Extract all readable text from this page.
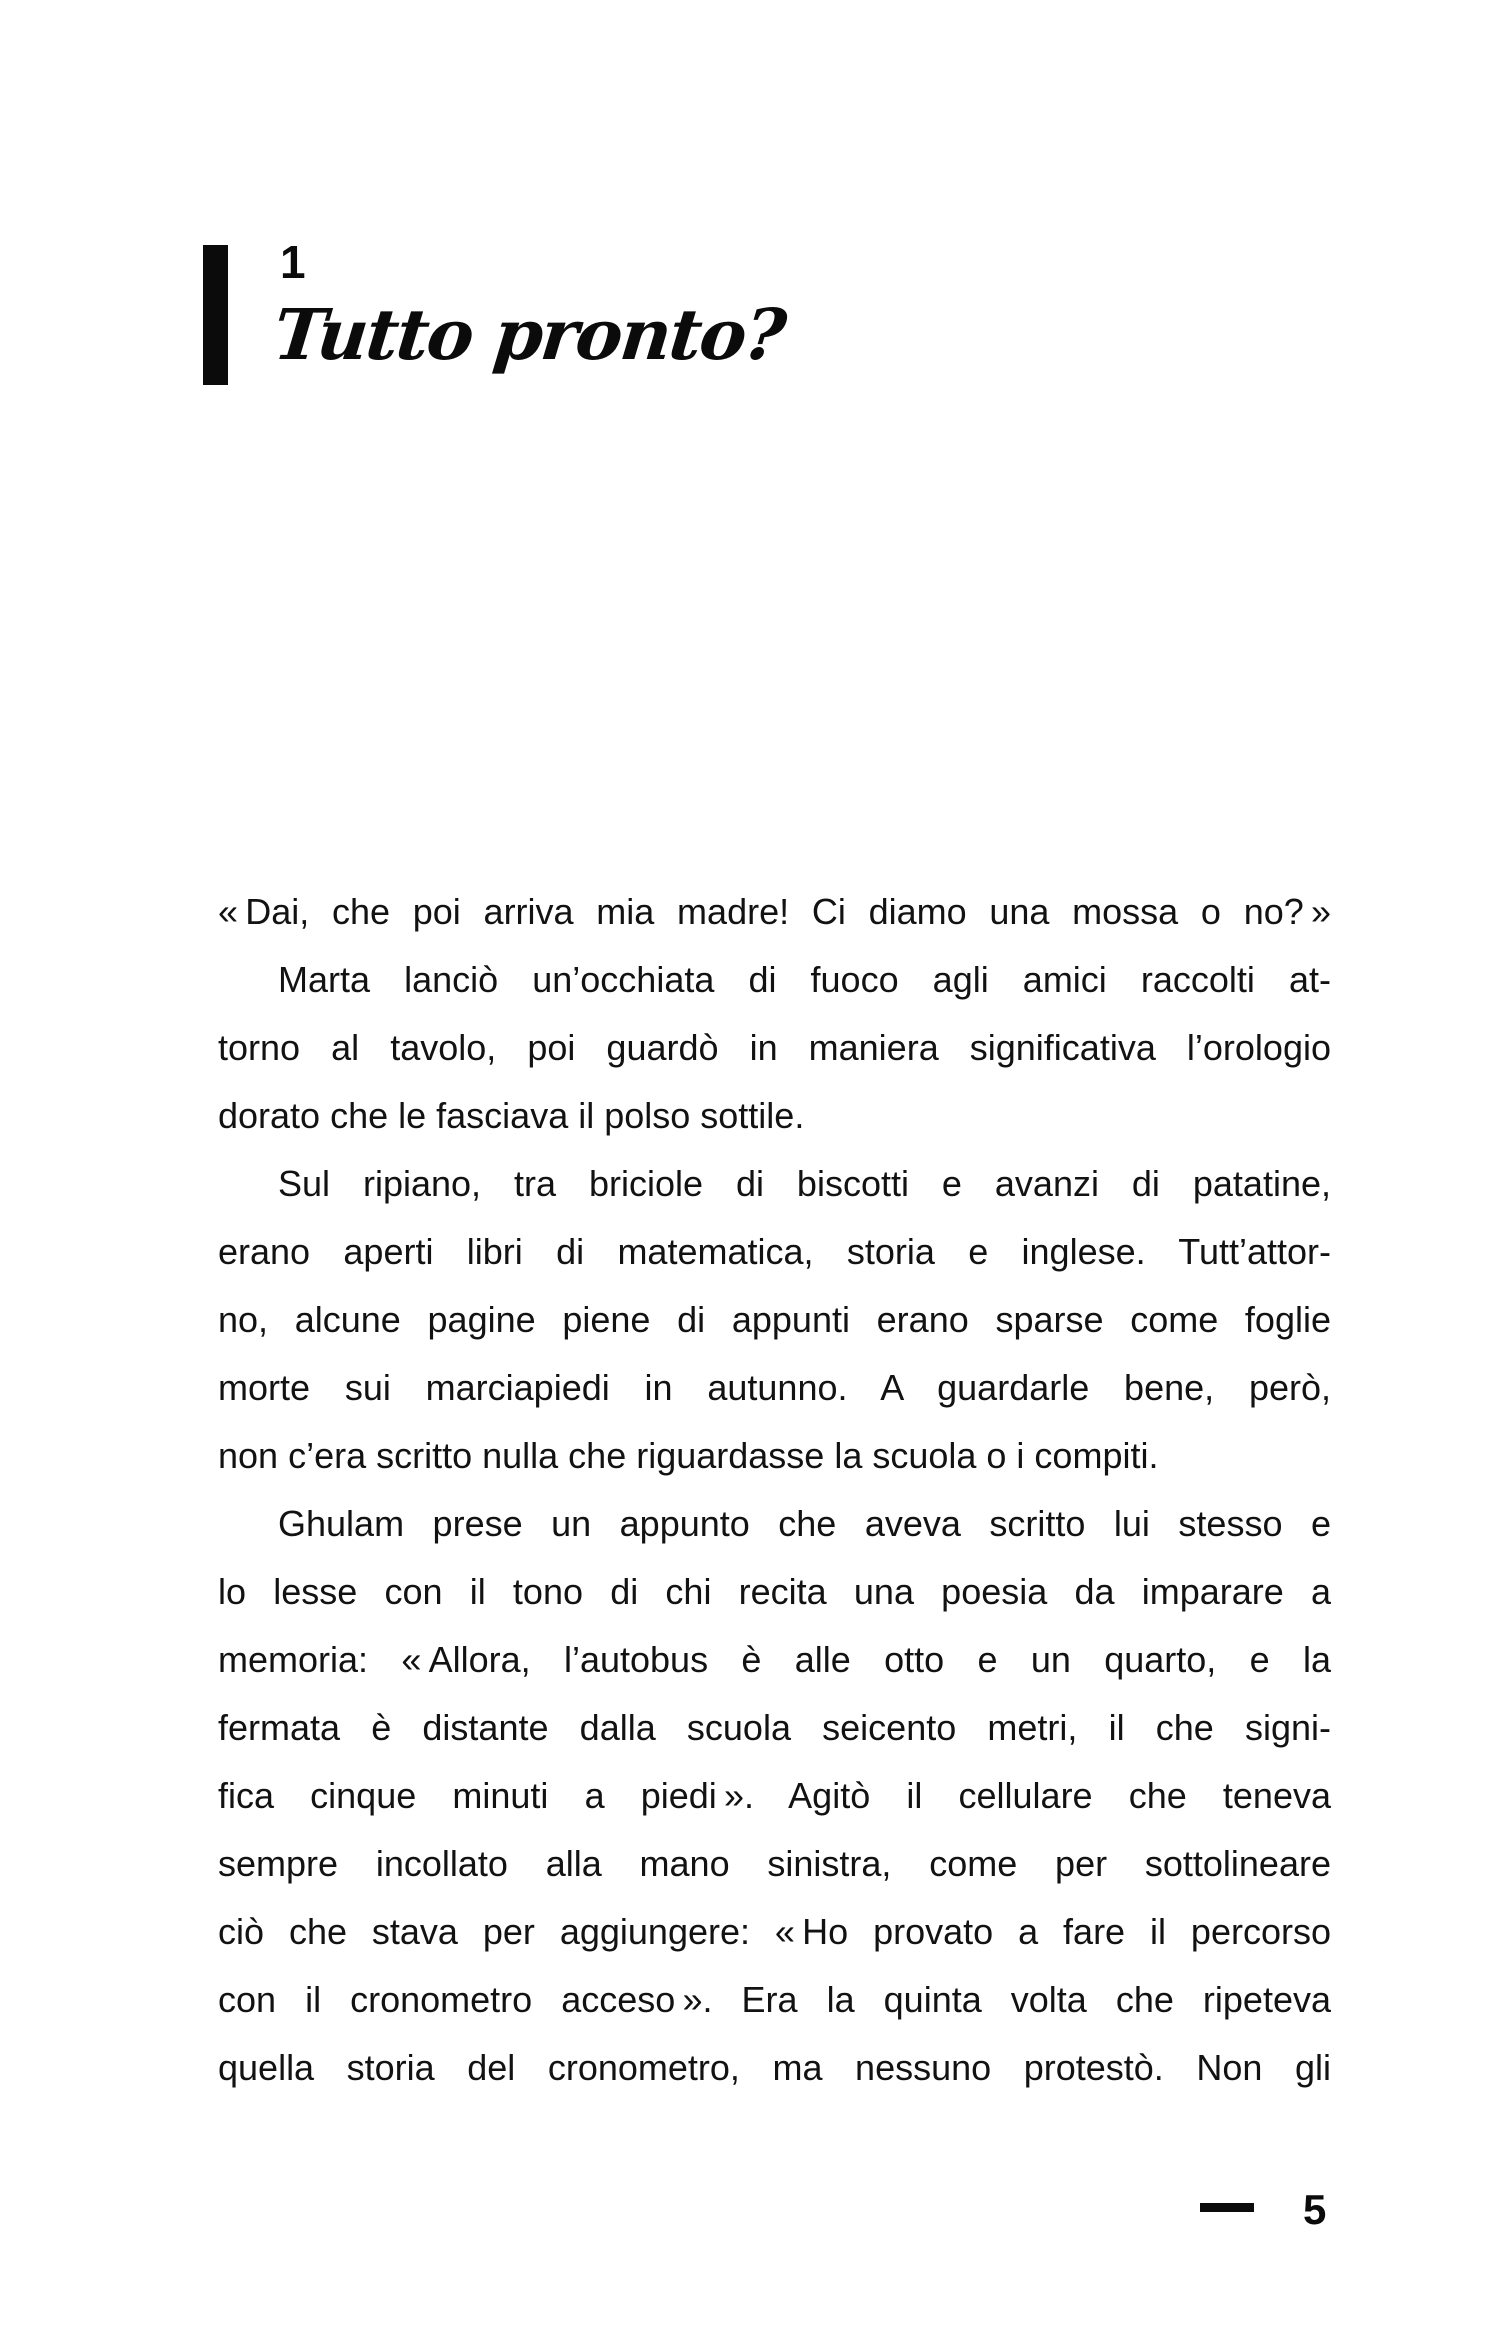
1
Tutto pronto?
« Dai, che poi arriva mia madre! Ci diamo una mossa o no? »
Marta lanciò un’occhiata di fuoco agli amici raccolti at-
torno al tavolo, poi guardò in maniera significativa l’orologio
dorato che le fasciava il polso sottile.
Sul ripiano, tra briciole di biscotti e avanzi di patatine,
erano aperti libri di matematica, storia e inglese. Tutt’attor-
no, alcune pagine piene di appunti erano sparse come foglie
morte sui marciapiedi in autunno. A guardarle bene, però,
non c’era scritto nulla che riguardasse la scuola o i compiti.
Ghulam prese un appunto che aveva scritto lui stesso e
lo lesse con il tono di chi recita una poesia da imparare a
memoria: « Allora, l’autobus è alle otto e un quarto, e la
fermata è distante dalla scuola seicento metri, il che signi-
fica cinque minuti a piedi ». Agitò il cellulare che teneva
sempre incollato alla mano sinistra, come per sottolineare
ciò che stava per aggiungere: « Ho provato a fare il percorso
con il cronometro acceso ». Era la quinta volta che ripeteva
quella storia del cronometro, ma nessuno protestò. Non gli
5
